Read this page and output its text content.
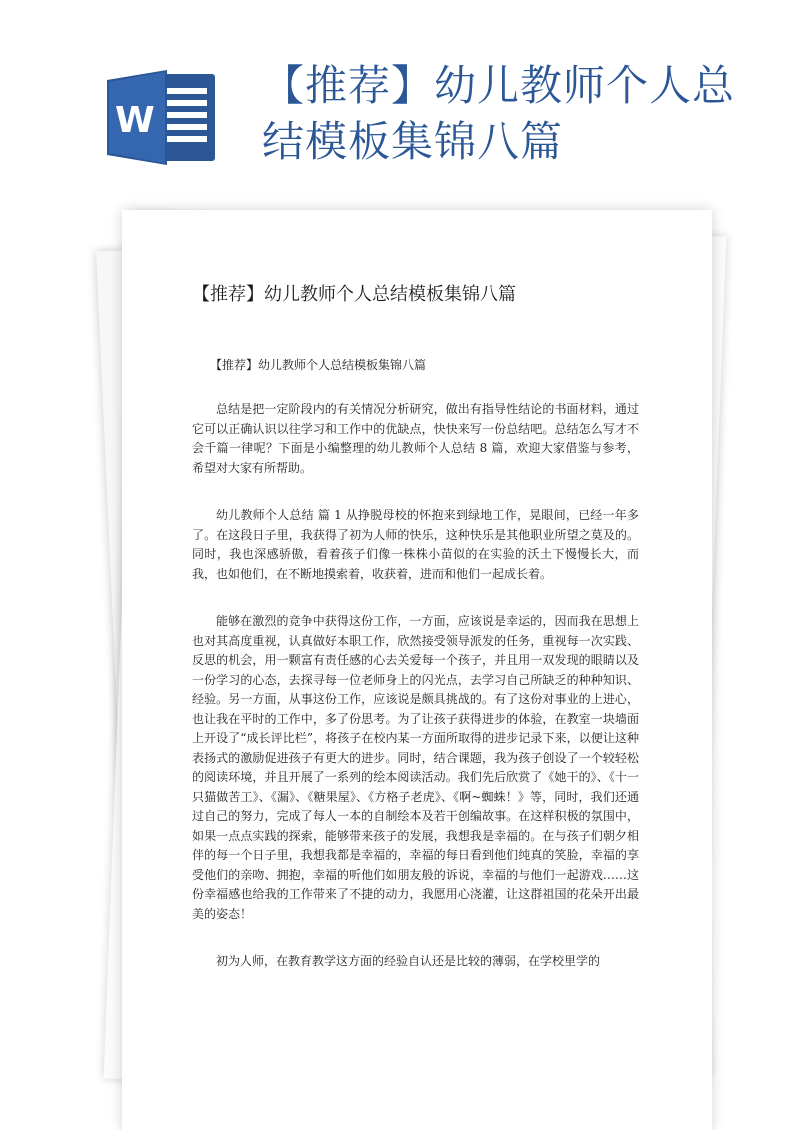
W
【推荐】幼儿教师个人总结模板集锦八篇
【推荐】幼儿教师个人总结模板集锦八篇
【推荐】幼儿教师个人总结模板集锦八篇

总结是把一定阶段内的有关情况分析研究，做出有指导性结论的书面材料，通过它可以正确认识以往学习和工作中的优缺点，快快来写一份总结吧。总结怎么写才不会千篇一律呢？下面是小编整理的幼儿教师个人总结 8 篇，欢迎大家借鉴与参考，希望对大家有所帮助。

幼儿教师个人总结 篇 1 从挣脱母校的怀抱来到绿地工作，晃眼间，已经一年多了。在这段日子里，我获得了初为人师的快乐，这种快乐是其他职业所望之莫及的。同时，我也深感骄傲，看着孩子们像一株株小苗似的在实验的沃土下慢慢长大，而我，也如他们，在不断地摸索着，收获着，进而和他们一起成长着。

能够在激烈的竞争中获得这份工作，一方面，应该说是幸运的，因而我在思想上也对其高度重视，认真做好本职工作，欣然接受领导派发的任务，重视每一次实践、反思的机会，用一颗富有责任感的心去关爱每一个孩子，并且用一双发现的眼睛以及一份学习的心态，去探寻每一位老师身上的闪光点，去学习自己所缺乏的种种知识、经验。另一方面，从事这份工作，应该说是颇具挑战的。有了这份对事业的上进心，也让我在平时的工作中，多了份思考。为了让孩子获得进步的体验，在教室一块墙面上开设了“成长评比栏”，将孩子在校内某一方面所取得的进步记录下来，以便让这种表扬式的激励促进孩子有更大的进步。同时，结合课题，我为孩子创设了一个较轻松的阅读环境，并且开展了一系列的绘本阅读活动。我们先后欣赏了《她干的》、《十一只猫做苦工》、《漏》、《糖果屋》、《方格子老虎》、《啊~蜘蛛！》等，同时，我们还通过自己的努力，完成了每人一本的自制绘本及若干创编故事。在这样积极的氛围中，如果一点点实践的探索，能够带来孩子的发展，我想我是幸福的。在与孩子们朝夕相伴的每一个日子里，我想我都是幸福的，幸福的每日看到他们纯真的笑脸，幸福的享受他们的亲吻、拥抱，幸福的听他们如朋友般的诉说，幸福的与他们一起游戏……这份幸福感也给我的工作带来了不捷的动力，我愿用心浇灌，让这群祖国的花朵开出最美的姿态！

初为人师，在教育教学这方面的经验自认还是比较的薄弱，在学校里学的
